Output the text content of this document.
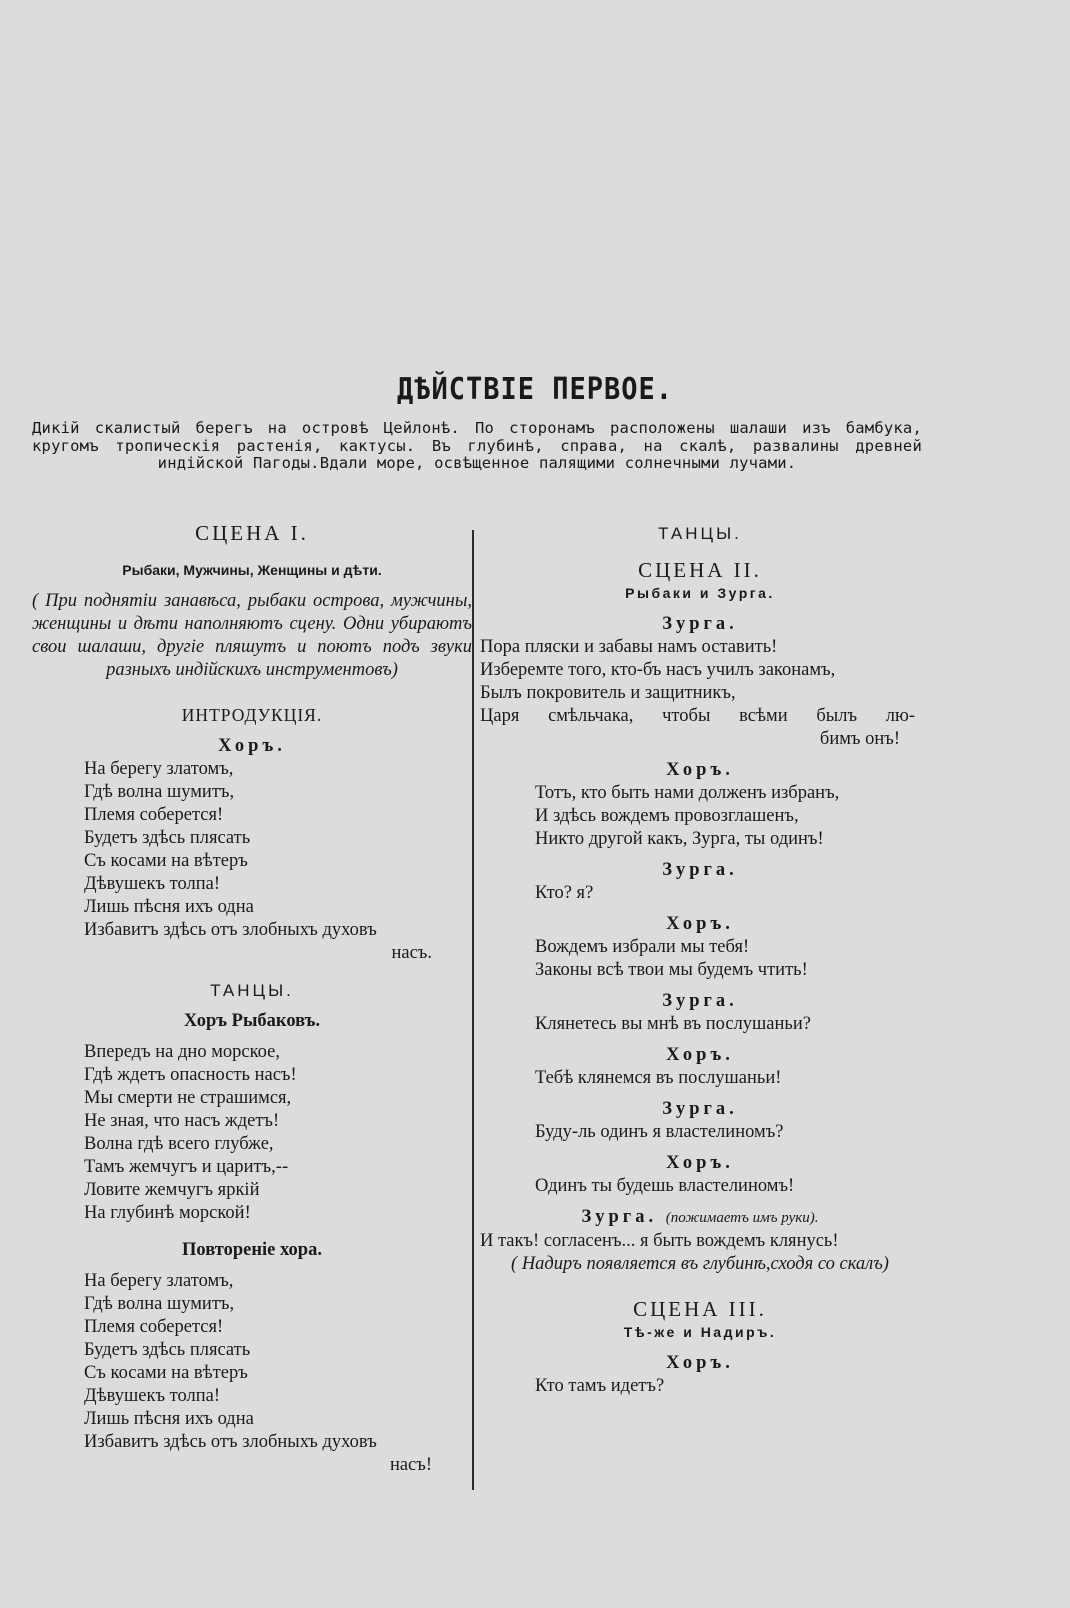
ДѢЙСТВІЕ ПЕРВОЕ.
Дикій скалистый берегъ на островѣ Цейлонѣ. По сторонамъ расположены шалаши изъ бамбука, кругомъ тропическія растенія, кактусы. Въ глубинѣ, справа, на скалѣ, развалины древней индійской Пагоды.Вдали море, освѣщенное палящими солнечными лучами.
СЦЕНА I.
Рыбаки, Мужчины, Женщины и дѣти.
( При поднятіи занавѣса, рыбаки острова, мужчины, женщины и дѣти наполняютъ сцену. Одни убираютъ свои шалаши, другіе пляшутъ и поютъ подъ звуки разныхъ индійскихъ инструментовъ)
ИНТРОДУКЦІЯ.
Хоръ.
На берегу златомъ,
Гдѣ волна шумитъ,
Племя соберется!
Будетъ здѣсь плясать
Съ косами на вѣтеръ
Дѣвушекъ толпа!
Лишь пѣсня ихъ одна
Избавитъ здѣсь отъ злобныхъ духовъ
насъ.
ТАНЦЫ.
Хоръ Рыбаковъ.
Впередъ на дно морское,
Гдѣ ждетъ опасность насъ!
Мы смерти не страшимся,
Не зная, что насъ ждетъ!
Волна гдѣ всего глубже,
Тамъ жемчугъ и царитъ,--
Ловите жемчугъ яркій
На глубинѣ морской!
Повтореніе хора.
На берегу златомъ,
Гдѣ волна шумитъ,
Племя соберется!
Будетъ здѣсь плясать
Съ косами на вѣтеръ
Дѣвушекъ толпа!
Лишь пѣсня ихъ одна
Избавитъ здѣсь отъ злобныхъ духовъ
насъ!
ТАНЦЫ.
СЦЕНА II.
Рыбаки и Зурга.
Зурга.
Пора пляски и забавы намъ оставить!
Изберемте того, кто-бъ насъ училъ законамъ,
Былъ покровитель и защитникъ,
Царя смѣльчака, чтобы всѣми былъ лю-
бимъ онъ!
Хоръ.
Тотъ, кто быть нами долженъ избранъ,
И здѣсь вождемъ провозглашенъ,
Никто другой какъ, Зурга, ты одинъ!
Зурга.
Кто? я?
Хоръ.
Вождемъ избрали мы тебя!
Законы всѣ твои мы будемъ чтить!
Зурга.
Клянетесь вы мнѣ въ послушаньи?
Хоръ.
Тебѣ клянемся въ послушаньи!
Зурга.
Буду-ль одинъ я властелиномъ?
Хоръ.
Одинъ ты будешь властелиномъ!
Зурга. (пожимаетъ имъ руки).
И такъ! согласенъ... я быть вождемъ клянусь!
( Надиръ появляется въ глубинѣ,сходя со скалъ)
СЦЕНА III.
Тѣ-же и Надиръ.
Хоръ.
Кто тамъ идетъ?
